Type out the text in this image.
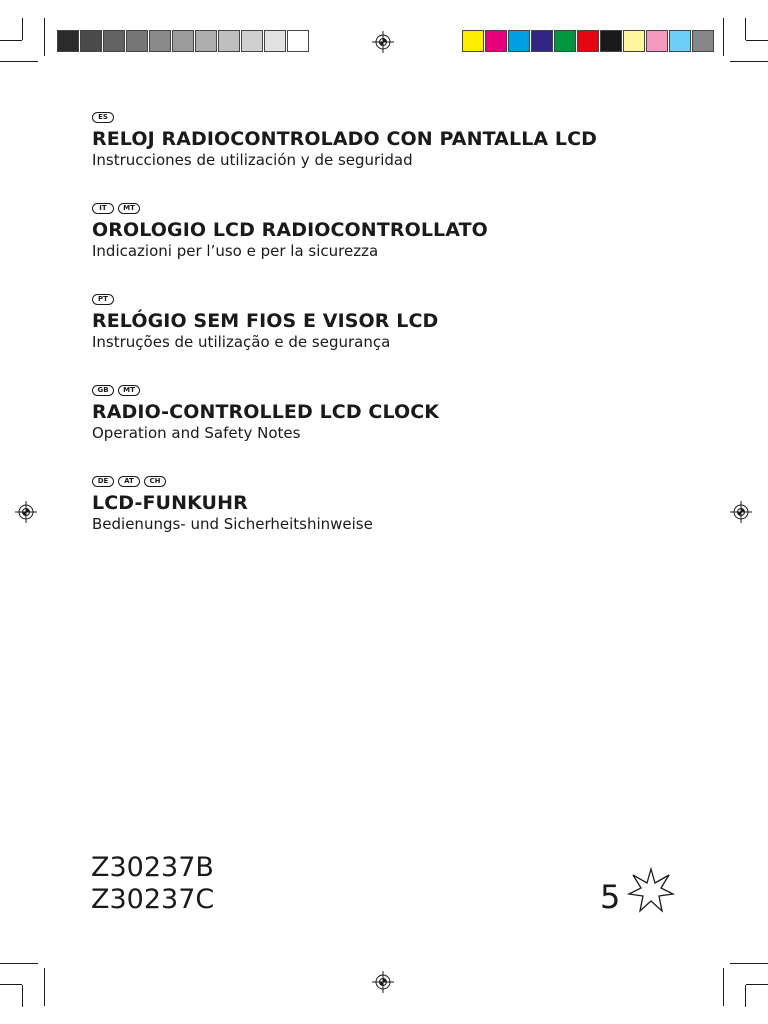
ES
RELOJ RADIOCONTROLADO CON PANTALLA LCD
Instrucciones de utilización y de seguridad
IT	MT
OROLOGIO LCD RADIOCONTROLLATO
Indicazioni per l’uso e per la sicurezza
PT
RELÓGIO SEM FIOS E VISOR LCD
Instruções de utilização e de segurança
GB	MT
RADIO-CONTROLLED LCD CLOCK
Operation and Safety Notes
DE	AT	CH
LCD-FUNKUHR
Bedienungs- und Sicherheitshinweise
Z30237B
Z30237C	5
